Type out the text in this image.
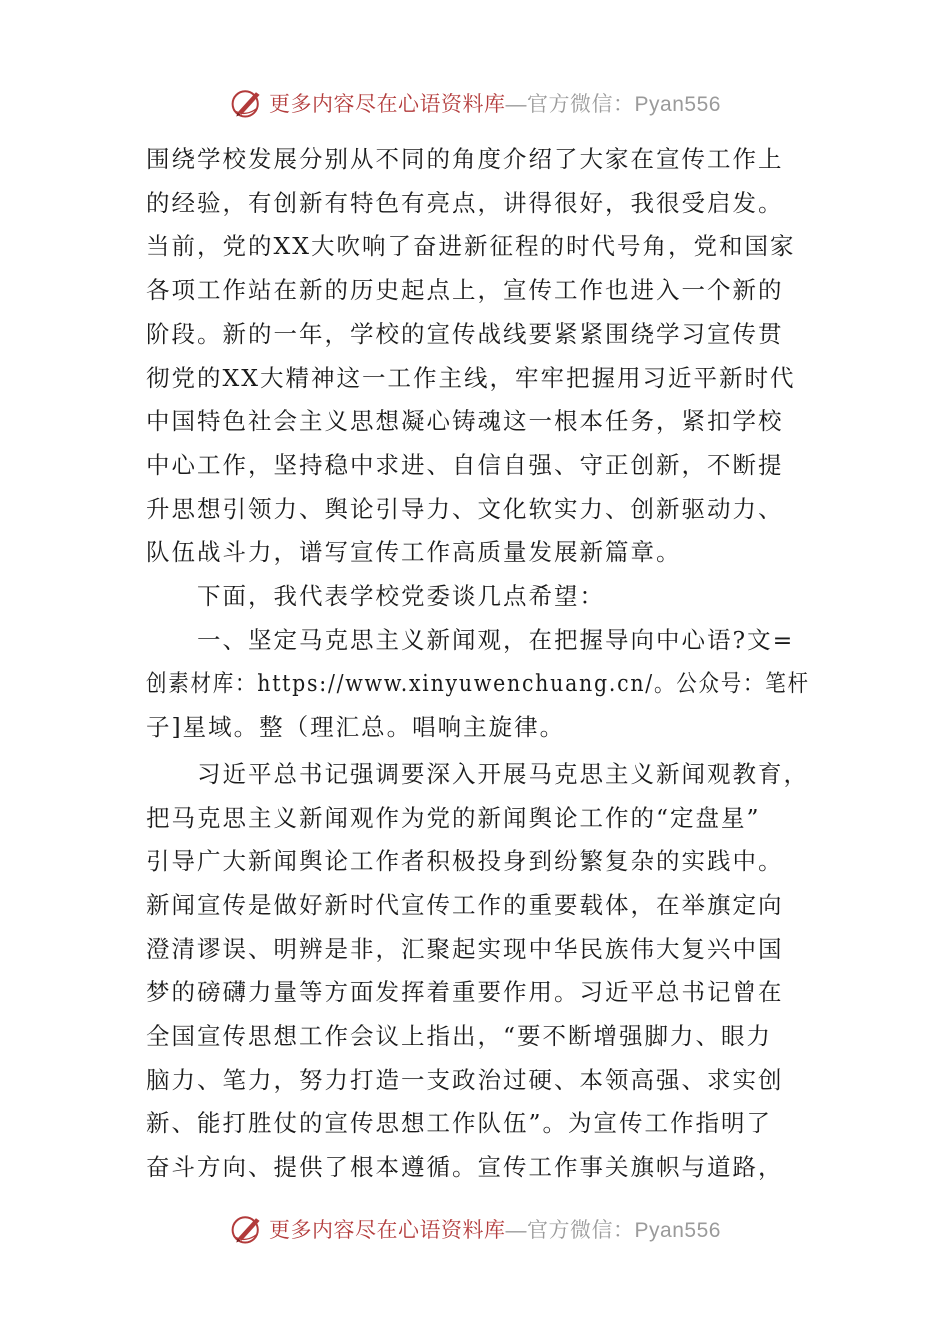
更多内容尽在心语资料库—官方微信：Pyan556
围绕学校发展分别从不同的角度介绍了大家在宣传工作上
的经验，有创新有特色有亮点，讲得很好，我很受启发。
当前，党的XX大吹响了奋进新征程的时代号角，党和国家
各项工作站在新的历史起点上，宣传工作也进入一个新的
阶段。新的一年，学校的宣传战线要紧紧围绕学习宣传贯
彻党的XX大精神这一工作主线，牢牢把握用习近平新时代
中国特色社会主义思想凝心铸魂这一根本任务，紧扣学校
中心工作，坚持稳中求进、自信自强、守正创新，不断提
升思想引领力、舆论引导力、文化软实力、创新驱动力、
队伍战斗力，谱写宣传工作高质量发展新篇章。
　　下面，我代表学校党委谈几点希望：
　　一、坚定马克思主义新闻观，在把握导向中心语?文=
创素材库：https://www.xinyuwenchuang.cn/。公众号：笔杆
子]星域。整（理汇总。唱响主旋律。
　　习近平总书记强调要深入开展马克思主义新闻观教育，
把马克思主义新闻观作为党的新闻舆论工作的“定盘星”
引导广大新闻舆论工作者积极投身到纷繁复杂的实践中。
新闻宣传是做好新时代宣传工作的重要载体，在举旗定向
澄清谬误、明辨是非，汇聚起实现中华民族伟大复兴中国
梦的磅礴力量等方面发挥着重要作用。习近平总书记曾在
全国宣传思想工作会议上指出，“要不断增强脚力、眼力
脑力、笔力，努力打造一支政治过硬、本领高强、求实创
新、能打胜仗的宣传思想工作队伍”。为宣传工作指明了
奋斗方向、提供了根本遵循。宣传工作事关旗帜与道路，
更多内容尽在心语资料库—官方微信：Pyan556
